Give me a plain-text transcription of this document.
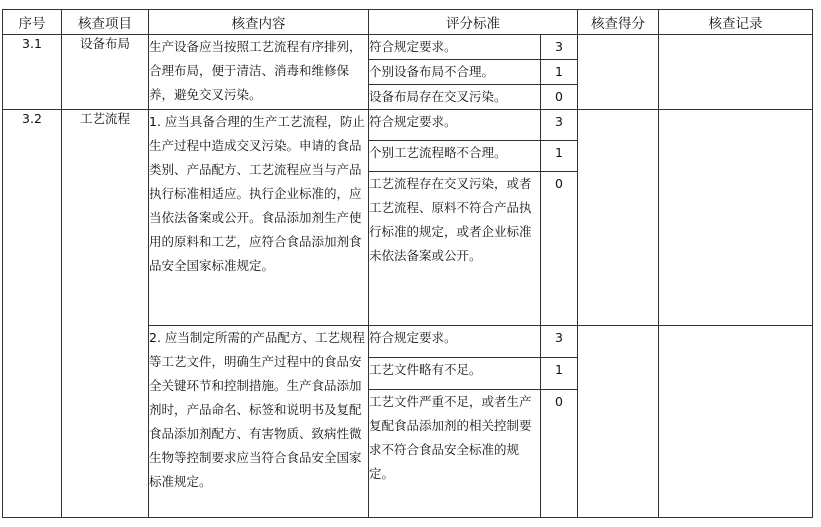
序号	核查项目	核查内容	评分标准		核查得分	核查记录
3.1	设备布局	生产设备应当按照工艺流程有序排列，合理布局，便于清洁、消毒和维修保养，避免交叉污染。	符合规定要求。	3		
			个别设备布局不合理。	1		
			设备布局存在交叉污染。	0		
3.2	工艺流程	1. 应当具备合理的生产工艺流程，防止生产过程中造成交叉污染。申请的食品类别、产品配方、工艺流程应当与产品执行标准相适应。执行企业标准的，应当依法备案或公开。食品添加剂生产使用的原料和工艺，应符合食品添加剂食品安全国家标准规定。	符合规定要求。	3		
			个别工艺流程略不合理。	1		
			工艺流程存在交叉污染，或者工艺流程、原料不符合产品执行标准的规定，或者企业标准未依法备案或公开。	0		
		2. 应当制定所需的产品配方、工艺规程等工艺文件，明确生产过程中的食品安全关键环节和控制措施。生产食品添加剂时，产品命名、标签和说明书及复配食品添加剂配方、有害物质、致病性微生物等控制要求应当符合食品安全国家标准规定。	符合规定要求。	3		
			工艺文件略有不足。	1		
			工艺文件严重不足，或者生产复配食品添加剂的相关控制要求不符合食品安全标准的规定。	0		
